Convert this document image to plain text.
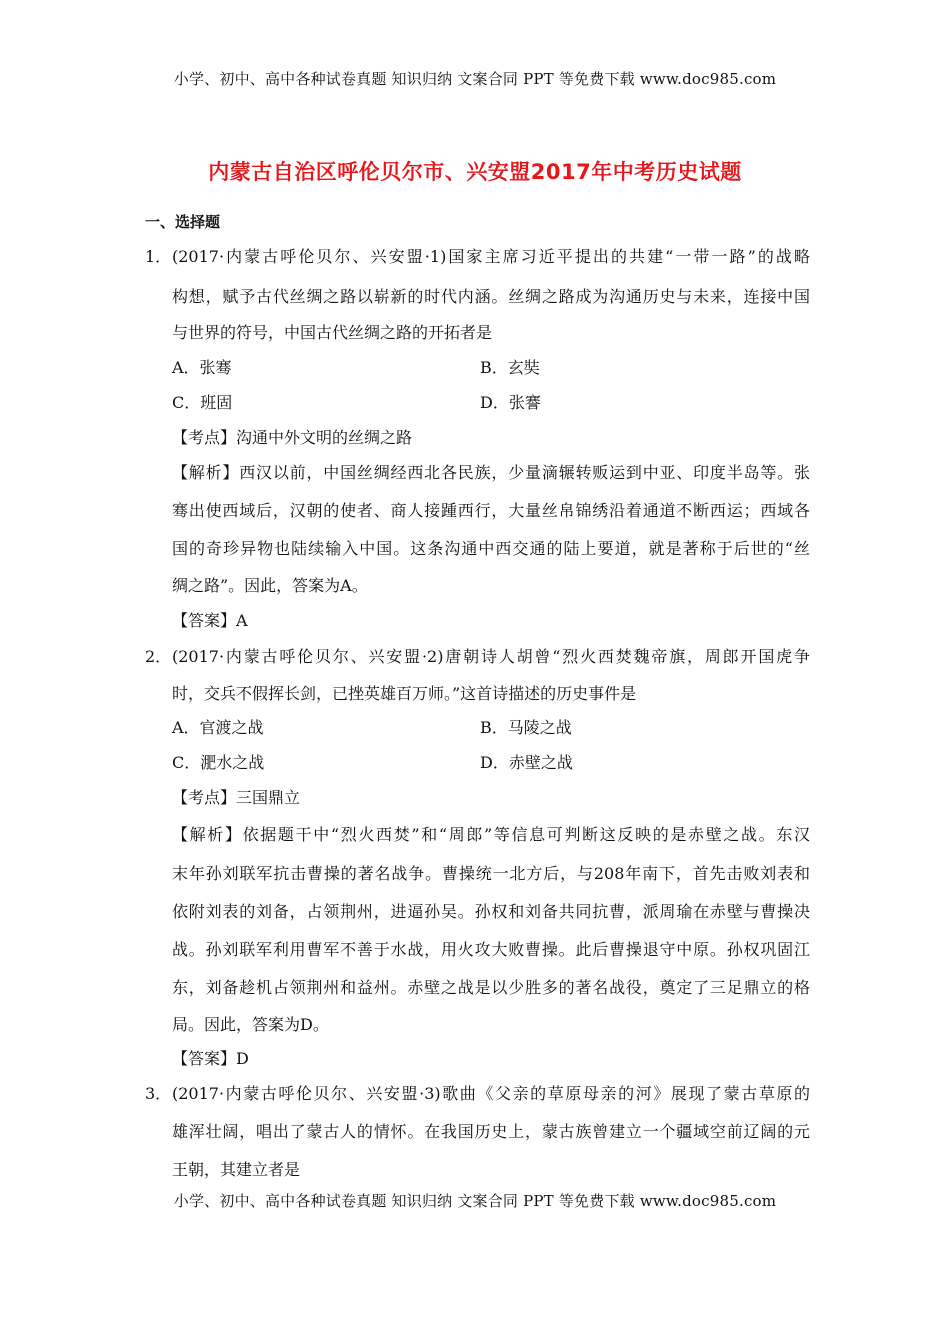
小学、初中、高中各种试卷真题 知识归纳 文案合同 PPT 等免费下载 www.doc985.com
内蒙古自治区呼伦贝尔市、兴安盟2017年中考历史试题
一、选择题
1． (2017·内蒙古呼伦贝尔、兴安盟·1)国家主席习近平提出的共建“一带一路”的战略
构想，赋予古代丝绸之路以崭新的时代内涵。丝绸之路成为沟通历史与未来，连接中国
与世界的符号，中国古代丝绸之路的开拓者是
A．张骞	B．玄奘
C．班固	D．张謇
【考点】沟通中外文明的丝绸之路
【解析】西汉以前，中国丝绸经西北各民族，少量滴辗转贩运到中亚、印度半岛等。张
骞出使西域后，汉朝的使者、商人接踵西行，大量丝帛锦绣沿着通道不断西运；西域各
国的奇珍异物也陆续输入中国。这条沟通中西交通的陆上要道，就是著称于后世的“丝
绸之路”。因此，答案为A。
【答案】A
2． (2017·内蒙古呼伦贝尔、兴安盟·2)唐朝诗人胡曾“烈火西焚魏帝旗，周郎开国虎争
时，交兵不假挥长剑，已挫英雄百万师。”这首诗描述的历史事件是
A．官渡之战	B．马陵之战
C．淝水之战	D．赤壁之战
【考点】三国鼎立
【解析】依据题干中“烈火西焚”和“周郎”等信息可判断这反映的是赤壁之战。东汉
末年孙刘联军抗击曹操的著名战争。曹操统一北方后，与208年南下，首先击败刘表和
依附刘表的刘备，占领荆州，进逼孙吴。孙权和刘备共同抗曹，派周瑜在赤壁与曹操决
战。孙刘联军利用曹军不善于水战，用火攻大败曹操。此后曹操退守中原。孙权巩固江
东，刘备趁机占领荆州和益州。赤壁之战是以少胜多的著名战役，奠定了三足鼎立的格
局。因此，答案为D。
【答案】D
3． (2017·内蒙古呼伦贝尔、兴安盟·3)歌曲《父亲的草原母亲的河》展现了蒙古草原的
雄浑壮阔，唱出了蒙古人的情怀。在我国历史上，蒙古族曾建立一个疆域空前辽阔的元
王朝，其建立者是
小学、初中、高中各种试卷真题 知识归纳 文案合同 PPT 等免费下载 www.doc985.com
